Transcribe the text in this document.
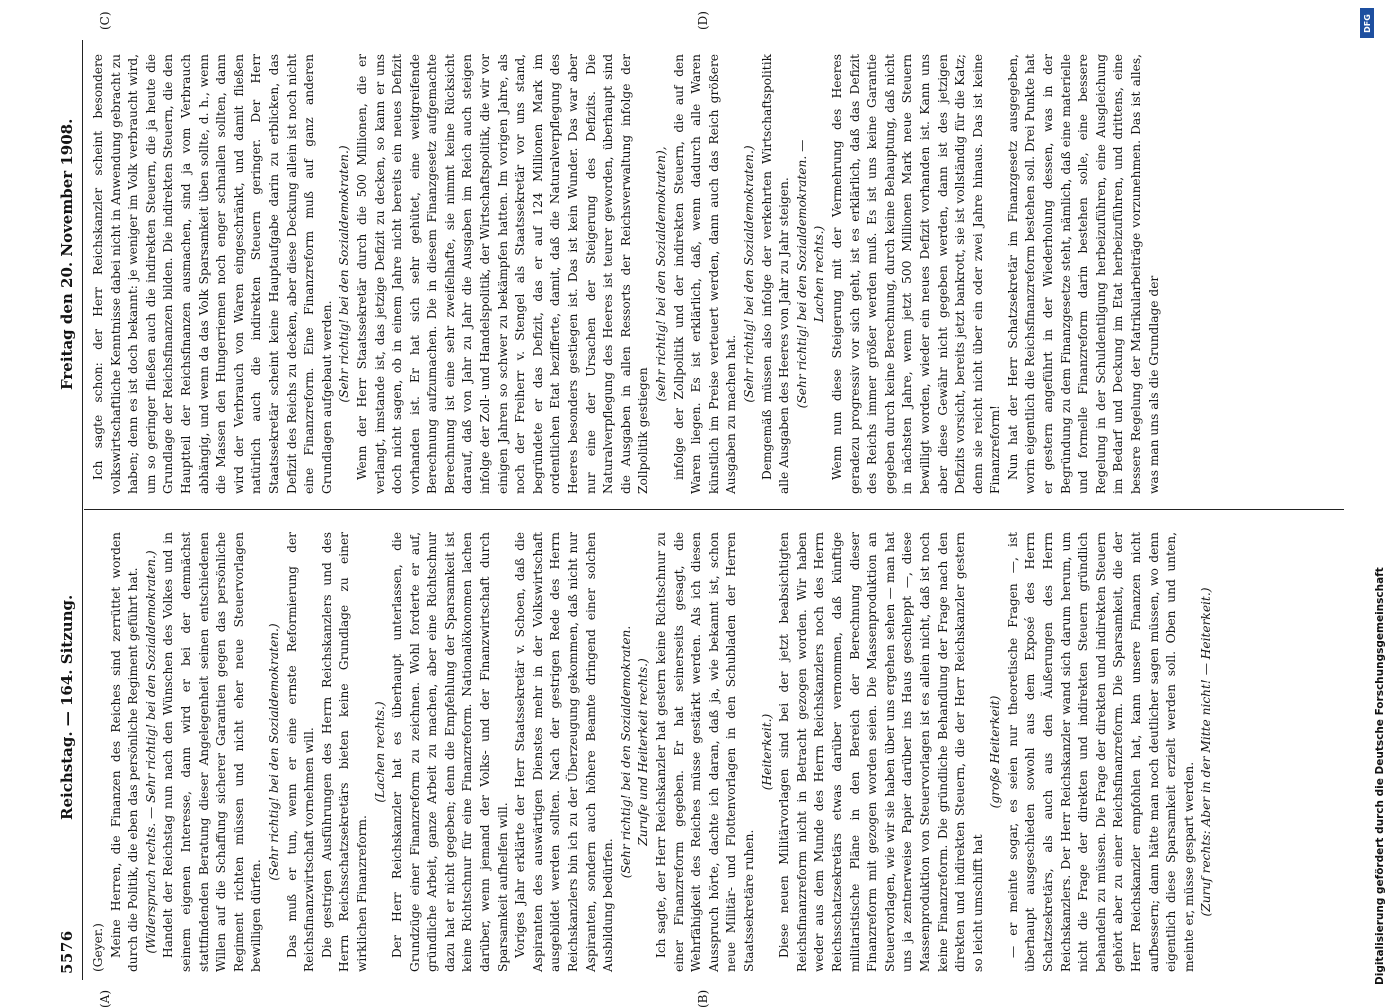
5576
Reichstag. — 164. Sitzung.
Freitag den 20. November 1908.
(A)	(B)
(C)	(D)

(Geyer.) Meine Herren, die Finanzen des Reiches sind zerrüttet worden durch die Politik, die eben das persönliche Regiment geführt hat. (Widerspruch rechts. — Sehr richtig! bei den Sozialdemokraten.) Handelt der Reichstag nun nach den Wünschen des Volkes und in seinem eigenen Interesse, dann wird er bei der demnächst stattfindenden Beratung dieser Angelegenheit seinen entschiedenen Willen auf die Schaffung sicherer Garantien gegen das persönliche Regiment richten müssen und nicht eher neue Steuervorlagen bewilligen dürfen.

(Sehr richtig! bei den Sozialdemokraten.) Das muß er tun, wenn er eine ernste Reformierung der Reichsfinanzwirtschaft vornehmen will. Die gestrigen Ausführungen des Herrn Reichskanzlers und des Herrn Reichsschatzsekretärs bieten keine Grundlage zu einer wirklichen Finanzreform.

(Lachen rechts.) Der Herr Reichskanzler hat es überhaupt unterlassen, die Grundzüge einer Finanzreform zu zeichnen. Wohl forderte er auf, gründliche Arbeit, ganze Arbeit zu machen, aber eine Richtschnur dazu hat er nicht gegeben; denn die Empfehlung der Sparsamkeit ist keine Richtschnur für eine Finanzreform. Nationalökonomen lachen darüber, wenn jemand der Volks- und der Finanzwirtschaft durch Sparsamkeit aufhelfen will. Voriges Jahr erklärte der Herr Staatssekretär v. Schoen, daß die Aspiranten des auswärtigen Dienstes mehr in der Volkswirtschaft ausgebildet werden sollten. Nach der gestrigen Rede des Herrn Reichskanzlers bin ich zu der Überzeugung gekommen, daß nicht nur Aspiranten, sondern auch höhere Beamte dringend einer solchen Ausbildung bedürfen.

(Sehr richtig! bei den Sozialdemokraten. Zurufe und Heiterkeit rechts.) Ich sagte, der Herr Reichskanzler hat gestern keine Richtschnur zu einer Finanzreform gegeben. Er hat seinerseits gesagt, die Wehrfähigkeit des Reiches müsse gestärkt werden. Als ich diesen Ausspruch hörte, dachte ich daran, daß ja, wie bekannt ist, schon neue Militär- und Flottenvorlagen in den Schubladen der Herren Staatssekretäre ruhen.

(Heiterkeit.) Diese neuen Militärvorlagen sind bei der jetzt beabsichtigten Reichsfinanzreform nicht in Betracht gezogen worden. Wir haben weder aus dem Munde des Herrn Reichskanzlers noch des Herrn Reichsschatzsekretärs etwas darüber vernommen, daß künftige militaristische Pläne in den Bereich der Berechnung dieser Finanzreform mit gezogen worden seien. Die Massenproduktion an Steuervorlagen, wie wir sie haben über uns ergehen sehen — man hat uns ja zentnerweise Papier darüber ins Haus geschleppt —, diese Massenproduktion von Steuervorlagen ist es allein nicht, daß ist noch keine Finanzreform. Die gründliche Behandlung der Frage nach den direkten und indirekten Steuern, die der Herr Reichskanzler gestern so leicht umschifft hat

(große Heiterkeit) — er meinte sogar, es seien nur theoretische Fragen —, ist überhaupt ausgeschieden sowohl aus dem Exposé des Herrn Schatzsekretärs, als auch aus den Äußerungen des Herrn Reichskanzlers. Der Herr Reichskanzler wand sich darum herum, um nicht die Frage der direkten und indirekten Steuern gründlich behandeln zu müssen. Die Frage der direkten und indirekten Steuern gehört aber zu einer Reichsfinanzreform. Die Sparsamkeit, die der Herr Reichskanzler empfohlen hat, kann unsere Finanzen nicht aufbessern; dann hätte man noch deutlicher sagen müssen, wo denn eigentlich diese Sparsamkeit erzielt werden soll. Oben und unten, meinte er, müsse gespart werden. (Zuruf rechts: Aber in der Mitte nicht! — Heiterkeit.)

Ich sagte schon: der Herr Reichskanzler scheint besondere volkswirtschaftliche Kenntnisse dabei nicht in Anwendung gebracht zu haben; denn es ist doch bekannt: je weniger im Volk verbraucht wird, um so geringer fließen auch die indirekten Steuern, die ja heute die Grundlage der Reichsfinanzen bilden. Die indirekten Steuern, die den Hauptteil der Reichsfinanzen ausmachen, sind ja vom Verbrauch abhängig, und wenn da das Volk Sparsamkeit üben sollte, d. h., wenn die Massen den Hungerriemen noch enger schnallen sollten, dann wird der Verbrauch von Waren eingeschränkt, und damit fließen natürlich auch die indirekten Steuern geringer. Der Herr Staatssekretär scheint keine Hauptaufgabe darin zu erblicken, das Defizit des Reichs zu decken, aber diese Deckung allein ist noch nicht eine Finanzreform. Eine Finanzreform muß auf ganz anderen Grundlagen aufgebaut werden. (Sehr richtig! bei den Sozialdemokraten.) Wenn der Herr Staatssekretär durch die 500 Millionen, die er verlangt, imstande ist, das jetzige Defizit zu decken, so kann er uns doch nicht sagen, ob in einem Jahre nicht bereits ein neues Defizit vorhanden ist. Er hat sich sehr gehütet, eine weitgreifende Berechnung aufzumachen. Die in diesem Finanzgesetz aufgemachte Berechnung ist eine sehr zweifelhafte, sie nimmt keine Rücksicht darauf, daß von Jahr zu Jahr die Ausgaben im Reich auch steigen infolge der Zoll- und Handelspolitik, der Wirtschaftspolitik, die wir vor einigen Jahren so schwer zu bekämpfen hatten. Im vorigen Jahre, als noch der Freiherr v. Stengel als Staatssekretär vor uns stand, begründete er das Defizit, das er auf 124 Millionen Mark im ordentlichen Etat bezifferte, damit, daß die Naturalverpflegung des Heeres besonders gestiegen ist. Das ist kein Wunder. Das war aber nur eine der Ursachen der Steigerung des Defizits. Die Naturalverpflegung des Heeres ist teurer geworden, überhaupt sind die Ausgaben in allen Ressorts der Reichsverwaltung infolge der Zollpolitik gestiegen

(sehr richtig! bei den Sozialdemokraten), infolge der Zollpolitik und der indirekten Steuern, die auf den Waren liegen. Es ist erklärlich, daß, wenn dadurch alle Waren künstlich im Preise verteuert werden, dann auch das Reich größere Ausgaben zu machen hat.

(Sehr richtig! bei den Sozialdemokraten.) Demgemäß müssen also infolge der verkehrten Wirtschaftspolitik alle Ausgaben des Heeres von Jahr zu Jahr steigen. (Sehr richtig! bei den Sozialdemokraten. — Lachen rechts.) Wenn nun diese Steigerung mit der Vermehrung des Heeres geradezu progressiv vor sich geht, ist es erklärlich, daß das Defizit des Reichs immer größer werden muß. Es ist uns keine Garantie gegeben durch keine Berechnung, durch keine Behauptung, daß nicht in nächsten Jahre, wenn jetzt 500 Millionen Mark neue Steuern bewilligt worden, wieder ein neues Defizit vorhanden ist. Kann uns aber diese Gewähr nicht gegeben werden, dann ist des jetzigen Defizits vorsicht, bereits jetzt bankrott, sie ist vollständig für die Katz; denn sie reicht nicht über ein oder zwei Jahre hinaus. Das ist keine Finanzreform! Nun hat der Herr Schatzsekretär im Finanzgesetz ausgegeben, worin eigentlich die Reichsfinanzreform bestehen soll. Drei Punkte hat er gestern angeführt in der Wiederholung dessen, was in der Begründung zu dem Finanzgesetze steht, nämlich, daß eine materielle und formelle Finanzreform darin bestehen solle, eine bessere Regelung in der Schuldentilgung herbeizuführen, eine Ausgleichung im Bedarf und Deckung im Etat herbeizuführen, und drittens, eine bessere Regelung der Matrikularbeiträge vorzunehmen. Das ist alles, was man uns als die Grundlage der

DFG
Digitalisierung gefördert durch die Deutsche Forschungsgemeinschaft
